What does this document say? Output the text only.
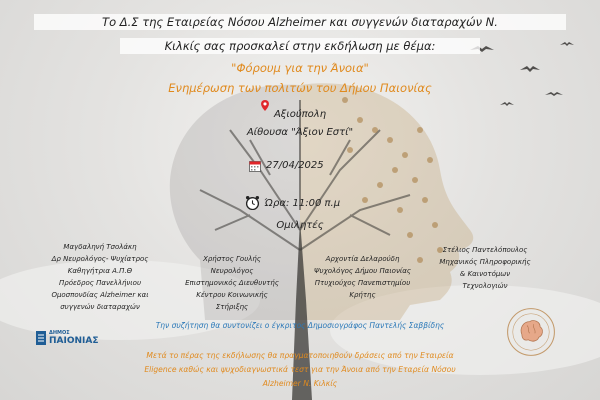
Το Δ.Σ της Εταιρείας Νόσου Alzheimer και συγγενών διαταραχών Ν.
Κιλκίς σας προσκαλεί στην εκδήλωση με θέμα:
"Φόρουμ για την Άνοια"
Ενημέρωση των πολιτών του Δήμου Παιονίας
Αξιούπολη
Αίθουσα "Άξιον Εστί"
27/04/2025
Ώρα: 11:00 π.μ
Ομιλητές
Μαγδαληνή Τσολάκη
Δρ Νευρολόγος- Ψυχίατρος
Καθηγήτρια Α.Π.Θ
Πρόεδρος Πανελλήνιου
Ομοσπονδίας Alzheimer και
συγγενών διαταραχών
Χρήστος Γουλής
Νευρολόγος
Επιστημονικός Διευθυντής
Κέντρου Κοινωνικής
Στήριξης
Αρχοντία Δελαρούδη
Ψυχολόγος Δήμου Παιονίας
Πτυχιούχος Πανεπιστημίου
Κρήτης
Στέλιος Παντελόπουλος
Μηχανικός Πληροφορικής
& Καινοτόμων
Τεχνολογιών
ΔΗΜΟΣ
ΠΑΙΟΝΙΑΣ
Την συζήτηση θα συντονίζει ο έγκριτος Δημοσιογράφος Παντελής Σαββίδης
Μετά το πέρας της εκδήλωσης θα πραγματοποιηθούν δράσεις από την Εταιρεία
Eligence καθώς και ψυχοδιαγνωστικά τεστ για την Άνοια από την Εταρεία Νόσου
Alzheimer Ν. Κιλκίς
